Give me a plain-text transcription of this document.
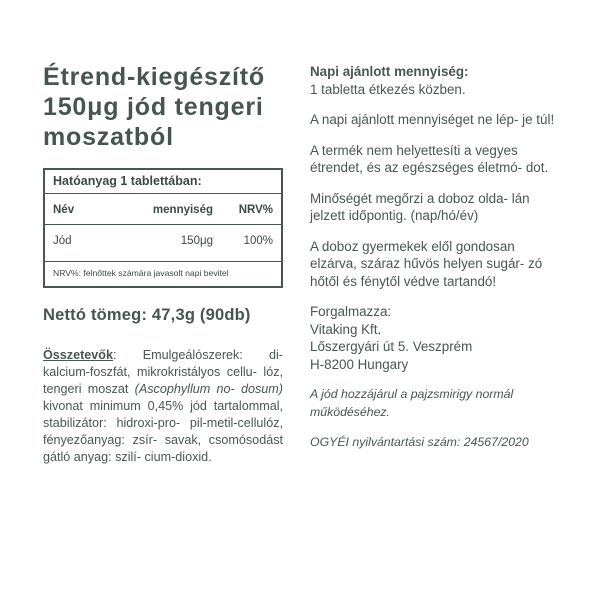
Étrend-kiegészítő
150μg jód tengeri
moszatból
Hatóanyag 1 tablettában:
Név	mennyiség	NRV%
Jód	150μg	100%
NRV%: felnőttek számára javasolt napi bevitel
Nettó tömeg: 47,3g (90db)
Összetevők: Emulgeálószerek: di- kalcium-foszfát, mikrokristályos cellu- lóz, tengeri moszat (Ascophyllum no- dosum) kivonat minimum 0,45% jód tartalommal, stabilizátor: hidroxi-pro- pil-metil-cellulóz, fényezőanyag: zsír- savak, csomósodást gátló anyag: szilí- cium-dioxid.
Napi ajánlott mennyiség:
1 tabletta étkezés közben.
A napi ajánlott mennyiséget ne lép- je túl!
A termék nem helyettesíti a vegyes étrendet, és az egészséges életmó- dot.
Minőségét megőrzi a doboz olda- lán jelzett időpontig. (nap/hó/év)
A doboz gyermekek elől gondosan elzárva, száraz hűvös helyen sugár- zó hőtől és fénytől védve tartandó!
Forgalmazza:
Vitaking Kft.
Lőszergyári út 5. Veszprém
H-8200 Hungary
A jód hozzájárul a pajzsmirigy normál működéséhez.
OGYÉI nyilvántartási szám: 24567/2020
